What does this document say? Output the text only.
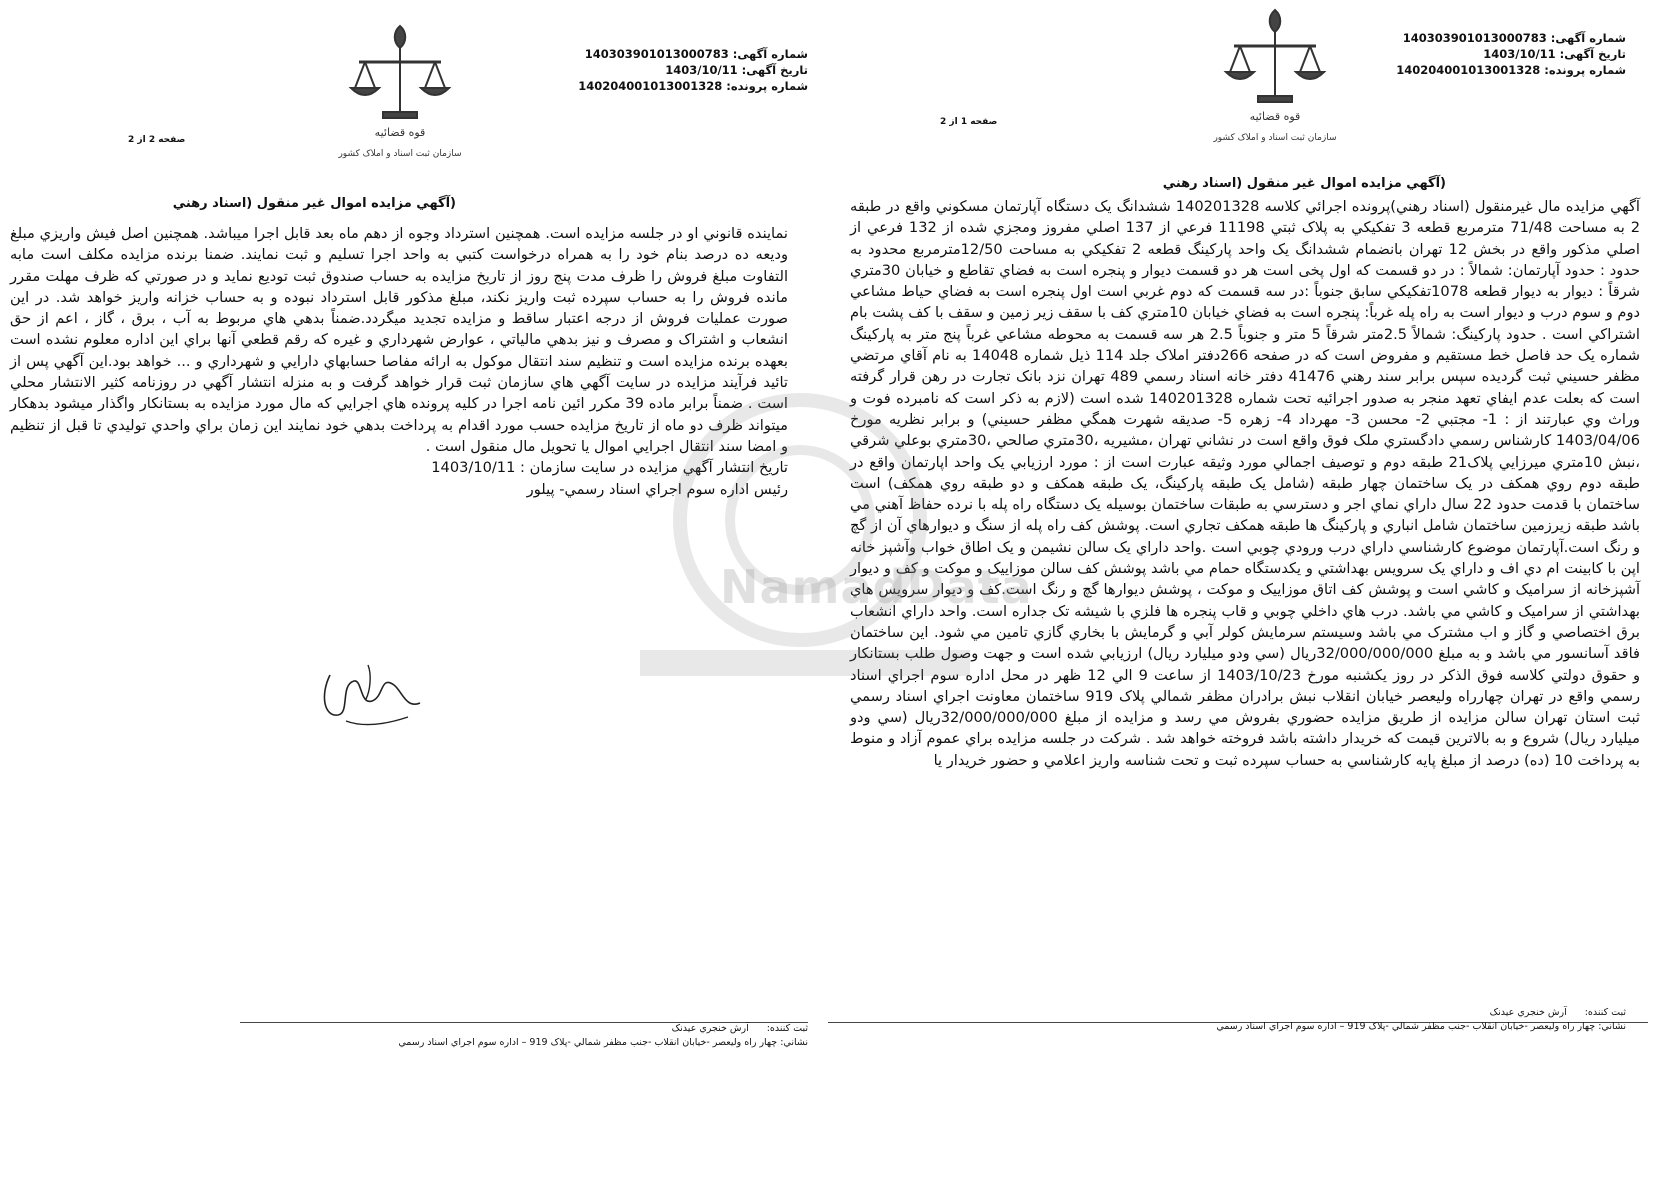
شماره آگهی: 140303901013000783
تاریخ آگهی: 1403/10/11
شماره پرونده: 140204001013001328
قوه قضائیه
سازمان ثبت اسناد و املاک کشور
صفحه 2 از 2
(آگهي مزايده اموال غير منقول (اسناد رهني

نماينده قانوني او در جلسه مزايده است. همچنين استرداد وجوه از دهم ماه بعد قابل اجرا ميباشد. همچنين اصل فيش واريزي مبلغ وديعه ده درصد بنام خود را به همراه درخواست کتبي به واحد اجرا تسليم و ثبت نمايند. ضمنا برنده مزايده مکلف است مابه التفاوت مبلغ فروش را ظرف مدت پنج روز از تاريخ مزايده به حساب صندوق ثبت توديع نمايد و در صورتي که ظرف مهلت مقرر مانده فروش را به حساب سپرده ثبت واريز نکند، مبلغ مذکور قابل استرداد نبوده و به حساب خزانه واريز خواهد شد. در اين صورت عمليات فروش از درجه اعتبار ساقط و مزايده تجديد ميگردد.ضمناً بدهي هاي مربوط به آب ، برق ، گاز ، اعم از حق انشعاب و اشتراک و مصرف و نيز بدهي مالياتي ، عوارض شهرداري و غيره که رقم قطعي آنها براي اين اداره معلوم نشده است بعهده برنده مزايده است و تنظيم سند انتقال موکول به ارائه مفاصا حسابهاي دارايي و شهرداري و ... خواهد بود.اين آگهي پس از تائيد فرآيند مزايده در سايت آگهي هاي سازمان ثبت قرار خواهد گرفت و به منزله انتشار آگهي در روزنامه کثير الانتشار محلي است . ضمناً برابر ماده 39 مکرر ائين نامه اجرا در کليه پرونده هاي اجرايي که مال مورد مزايده به بستانکار واگذار ميشود بدهکار ميتواند ظرف دو ماه از تاريخ مزايده حسب مورد اقدام به پرداخت بدهي خود نمايند اين زمان براي واحدي توليدي تا قبل از تنظيم و امضا سند انتقال اجرايي اموال يا تحويل مال منقول است .
تاريخ انتشار آگهي مزايده در سايت سازمان : 1403/10/11
رئيس اداره سوم اجراي اسناد رسمي- پيلور

ثبت کننده:آرش خنجري عيدنک
نشاني: چهار راه وليعصر -خيابان انقلاب -جنب مظفر شمالي -پلاک 919 – اداره سوم اجراي اسناد رسمي
شماره آگهی: 140303901013000783
تاریخ آگهی: 1403/10/11
شماره پرونده: 140204001013001328
قوه قضائیه
سازمان ثبت اسناد و املاک کشور
صفحه 1 از 2
(آگهي مزايده اموال غير منقول (اسناد رهني

آگهي مزايده مال غيرمنقول (اسناد رهني)پرونده اجرائي کلاسه 140201328 ششدانگ يک دستگاه آپارتمان مسکوني واقع در طبقه 2 به مساحت 71/48 مترمربع قطعه 3 تفکيکي به پلاک ثبتي 11198 فرعي از 137 اصلي مفروز ومجزي شده از 132 فرعي از اصلي مذکور واقع در بخش 12 تهران بانضمام ششدانگ يک واحد پارکينگ قطعه 2 تفکيکي به مساحت 12/50مترمربع محدود به حدود : حدود آپارتمان: شمالاً : در دو قسمت که اول پخی است هر دو قسمت ديوار و پنجره است به فضاي تقاطع و خيابان 30متري شرقاً : ديوار به ديوار قطعه 1078تفکيکي سابق جنوباً :در سه قسمت که دوم غربي است اول پنجره است به فضاي حياط مشاعي دوم و سوم درب و ديوار است به راه پله غرباً: پنجره است به فضاي خيابان 10متري کف با سقف زير زمين و سقف با کف پشت بام اشتراکي است . حدود پارکينگ: شمالاً 2.5متر شرقاً 5 متر و جنوباً 2.5 هر سه قسمت به محوطه مشاعي غرباً پنج متر به پارکينگ شماره يک حد فاصل خط مستقيم و مفروض است که در صفحه 266دفتر املاک جلد 114 ذيل شماره 14048 به نام آقاي مرتضي مظفر حسيني ثبت گرديده سپس برابر سند رهني 41476 دفتر خانه اسناد رسمي 489 تهران نزد بانک تجارت در رهن قرار گرفته است که بعلت عدم ايفاي تعهد منجر به صدور اجرائيه تحت شماره 140201328 شده است (لازم به ذکر است که نامبرده فوت و وراث وي عبارتند از : 1- مجتبي 2- محسن 3- مهرداد 4- زهره 5- صديقه شهرت همگي مظفر حسيني) و برابر نظريه مورخ 1403/04/06 کارشناس رسمي دادگستري ملک فوق واقع است در نشاني تهران ،مشيريه ،30متري صالحي ،30متري بوعلي شرقي ،نبش 10متري ميرزايي پلاک21 طبقه دوم و توصيف اجمالي مورد وثيقه عبارت است از : مورد ارزيابي يک واحد اپارتمان واقع در طبقه دوم روي همکف در يک ساختمان چهار طبقه (شامل يک طبقه پارکينگ، يک طبقه همکف و دو طبقه روي همکف) است ساختمان با قدمت حدود 22 سال داراي نماي اجر و دسترسي به طبقات ساختمان بوسيله يک دستگاه راه پله با نرده حفاظ آهني مي باشد طبقه زيرزمين ساختمان شامل انباري و پارکينگ ها طبقه همکف تجاري است. پوشش کف راه پله از سنگ و ديوارهاي آن از گچ و رنگ است.آپارتمان موضوع کارشناسي داراي درب ورودي چوبي است .واحد داراي يک سالن نشيمن و يک اطاق خواب وآشپز خانه اپن با کابينت ام دي اف و داراي يک سرويس بهداشتي و يکدستگاه حمام مي باشد پوشش کف سالن موزاييک و موکت و کف و ديوار آشپزخانه از سراميک و کاشي است و پوشش کف اتاق موزاييک و موکت ، پوشش ديوارها گچ و رنگ است.کف و ديوار سرويس هاي بهداشتي از سراميک و کاشي مي باشد. درب هاي داخلي چوبي و قاب پنجره ها فلزي با شيشه تک جداره است. واحد داراي انشعاب برق اختصاصي و گاز و اب مشترک مي باشد وسيستم سرمايش کولر آبي و گرمايش با بخاري گازي تامين مي شود. اين ساختمان فاقد آسانسور مي باشد و به مبلغ 32/000/000/000ريال (سي ودو ميليارد ريال) ارزيابي شده است و جهت وصول طلب بستانکار و حقوق دولتي کلاسه فوق الذکر در روز يکشنبه مورخ 1403/10/23 از ساعت 9 الي 12 ظهر در محل اداره سوم اجراي اسناد رسمي واقع در تهران چهارراه وليعصر خيابان انقلاب نبش برادران مظفر شمالي پلاک 919 ساختمان معاونت اجراي اسناد رسمي ثبت استان تهران سالن مزايده از طريق مزايده حضوري بفروش مي رسد و مزايده از مبلغ 32/000/000/000ريال (سي ودو ميليارد ريال) شروع و به بالاترين قيمت که خريدار داشته باشد فروخته خواهد شد . شرکت در جلسه مزايده براي عموم آزاد و منوط به پرداخت 10 (ده) درصد از مبلغ پايه کارشناسي به حساب سپرده ثبت و تحت شناسه واريز اعلامي و حضور خريدار يا

ثبت کننده:آرش خنجري عيدنک
نشاني: چهار راه وليعصر -خيابان انقلاب -جنب مظفر شمالي -پلاک 919 – اداره سوم اجراي اسناد رسمي
NamadData
